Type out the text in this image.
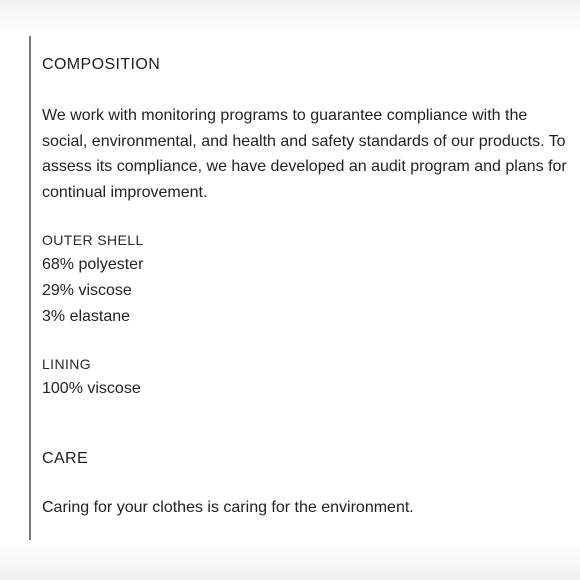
COMPOSITION

We work with monitoring programs to guarantee compliance with the social, environmental, and health and safety standards of our products. To assess its compliance, we have developed an audit program and plans for continual improvement.

OUTER SHELL
68% polyester
29% viscose
3% elastane
LINING
100% viscose
CARE

Caring for your clothes is caring for the environment.
